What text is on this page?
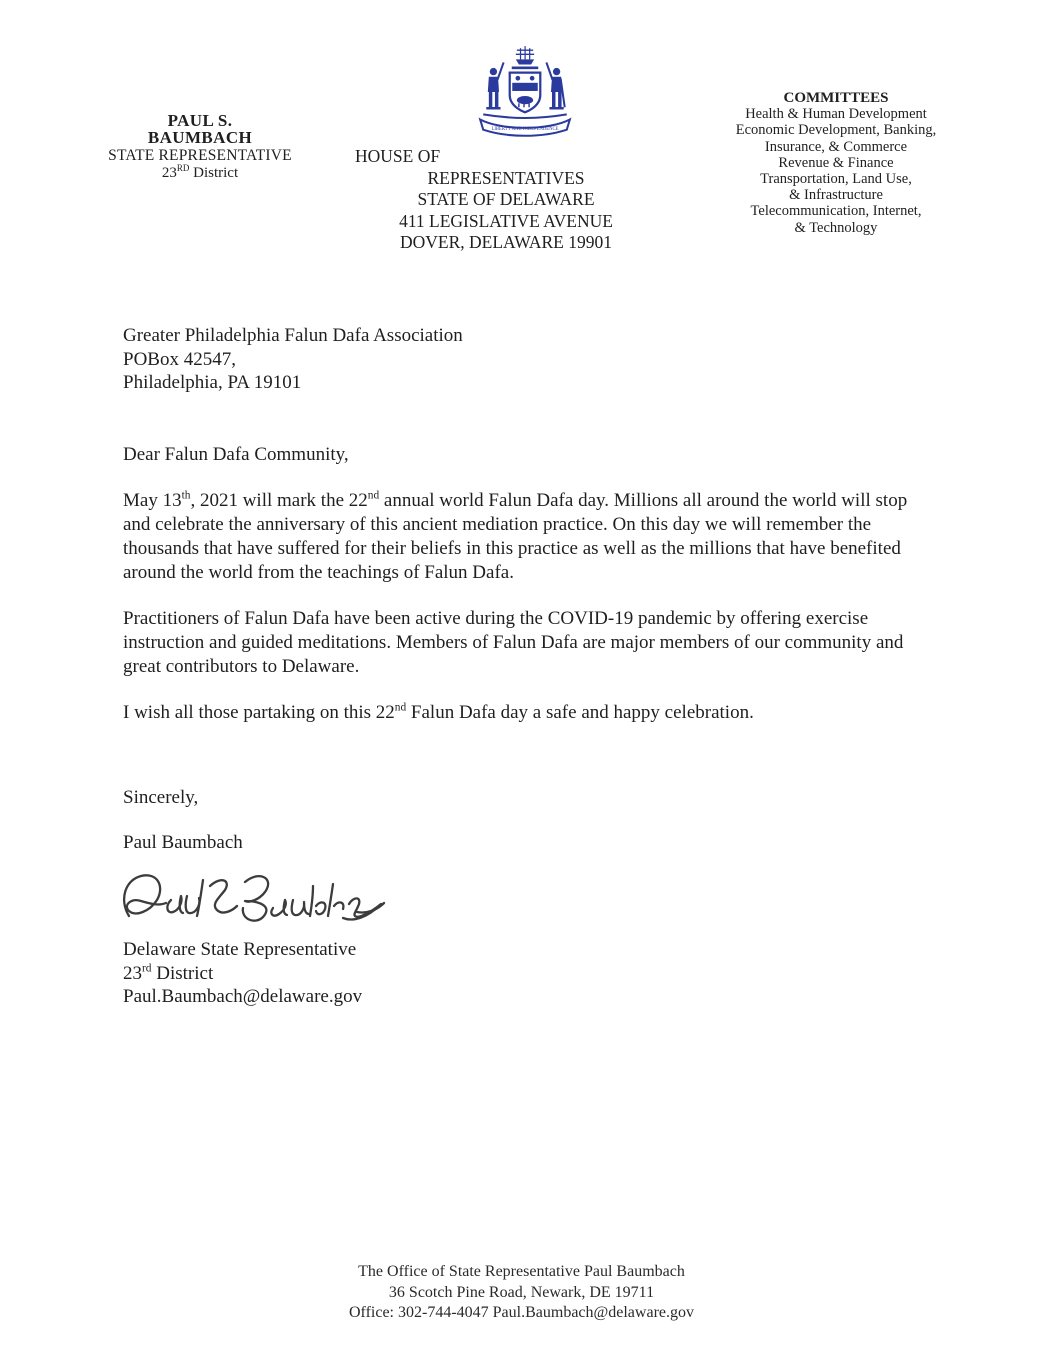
PAUL S.
BAUMBACH
STATE REPRESENTATIVE
23RD District
LIBERTY AND INDEPENDENCE
HOUSE OF
REPRESENTATIVES
STATE OF DELAWARE
411 LEGISLATIVE AVENUE
DOVER, DELAWARE 19901
COMMITTEES
Health & Human Development
Economic Development, Banking,
Insurance, & Commerce
Revenue & Finance
Transportation, Land Use,
& Infrastructure
Telecommunication, Internet,
& Technology
Greater Philadelphia Falun Dafa Association
POBox 42547,
Philadelphia, PA 19101
Dear Falun Dafa Community,
May 13th, 2021 will mark the 22nd annual world Falun Dafa day. Millions all around the world will stop and celebrate the anniversary of this ancient mediation practice. On this day we will remember the thousands that have suffered for their beliefs in this practice as well as the millions that have benefited around the world from the teachings of Falun Dafa.
Practitioners of Falun Dafa have been active during the COVID-19 pandemic by offering exercise instruction and guided meditations. Members of Falun Dafa are major members of our community and great contributors to Delaware.
I wish all those partaking on this 22nd Falun Dafa day a safe and happy celebration.
Sincerely,
Paul Baumbach
Delaware State Representative
23rd District
Paul.Baumbach@delaware.gov
The Office of State Representative Paul Baumbach
36 Scotch Pine Road, Newark, DE 19711
Office: 302-744-4047 Paul.Baumbach@delaware.gov
